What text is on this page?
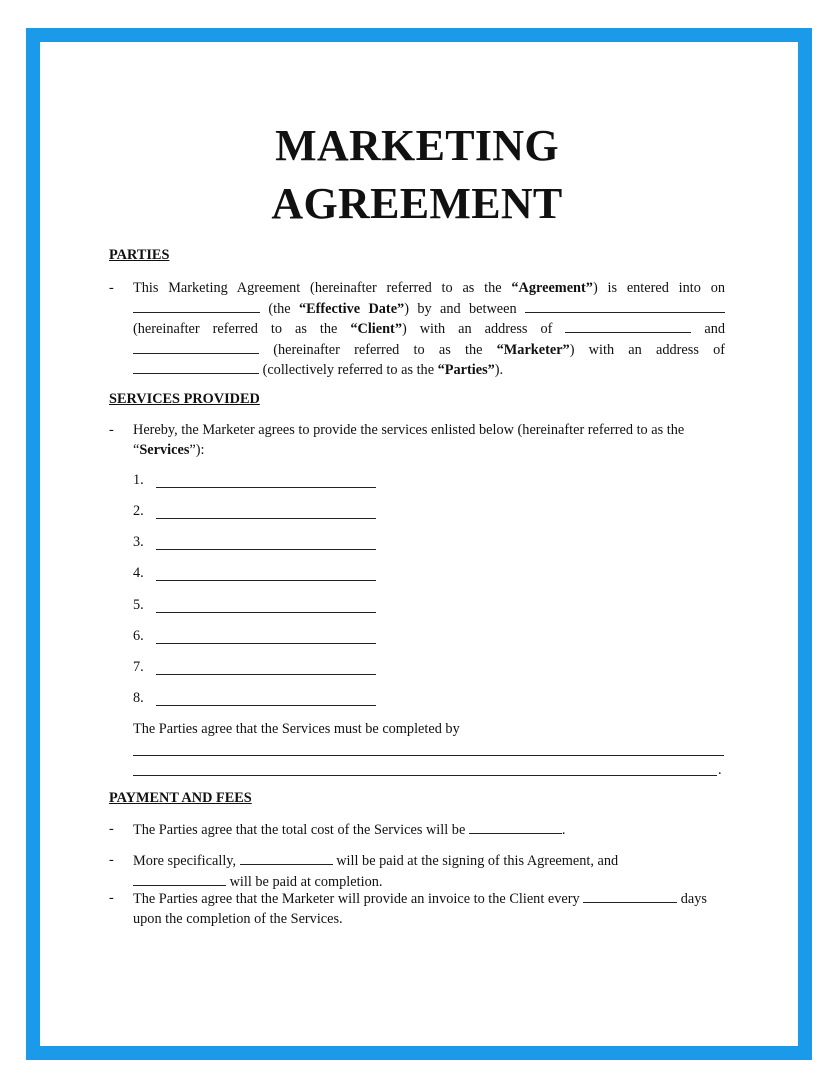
MARKETING
AGREEMENT
PARTIES
- This Marketing Agreement (hereinafter referred to as the “Agreement”) is entered into on  (the “Effective Date”) by and between  (hereinafter referred to as the “Client”) with an address of	and  (hereinafter referred to as the “Marketer”) with an address of  (collectively referred to as the “Parties”).
SERVICES PROVIDED
- Hereby, the Marketer agrees to provide the services enlisted below (hereinafter referred to as the “Services”):
1.
2.
3.
4.
5.
6.
7.
8.
The Parties agree that the Services must be completed by
.
PAYMENT AND FEES
- The Parties agree that the total cost of the Services will be	.
- More specifically,	will be paid at the signing of this Agreement, and  will be paid at completion.
- The Parties agree that the Marketer will provide an invoice to the Client every	days upon the completion of the Services.
